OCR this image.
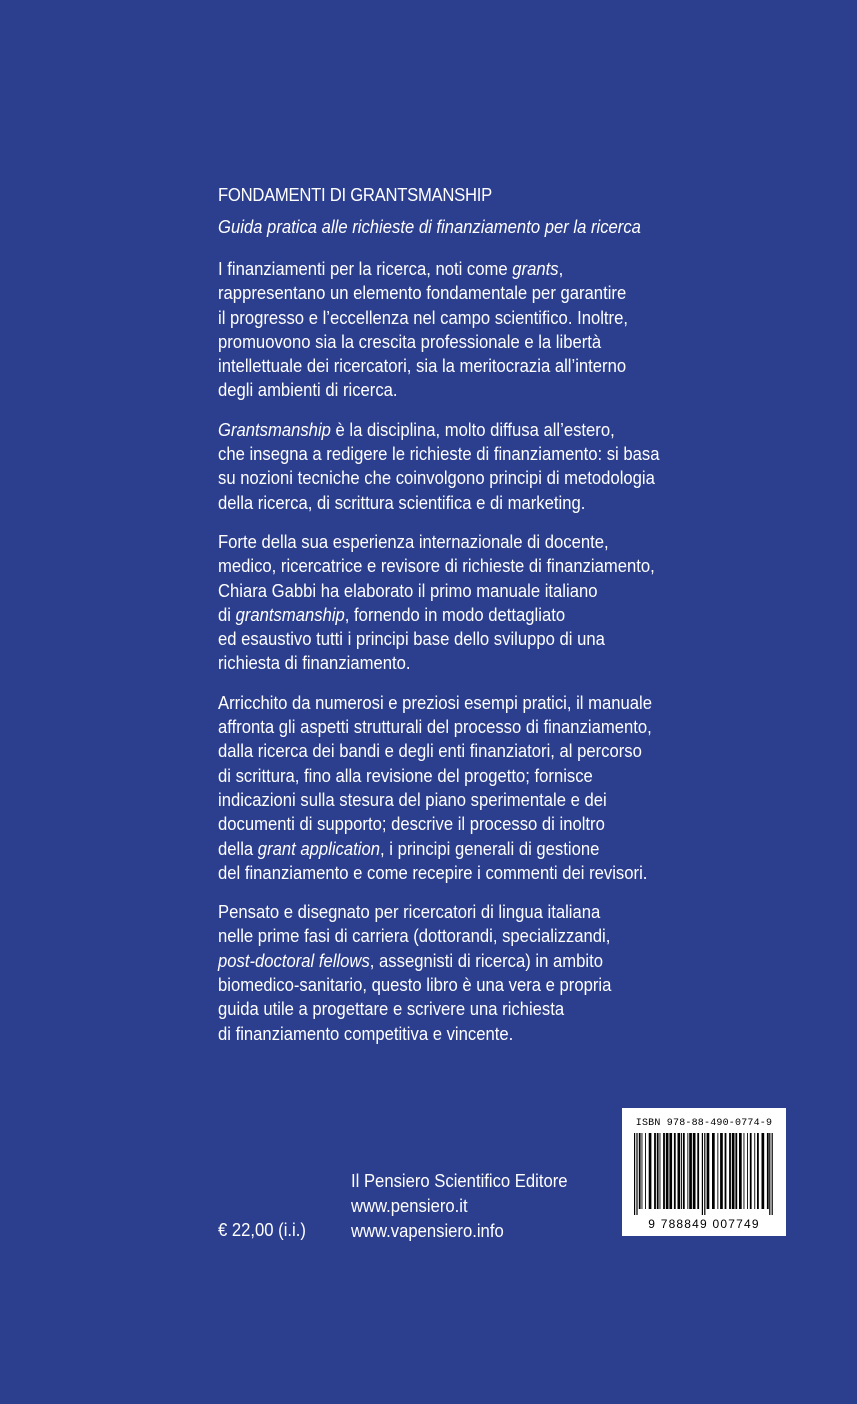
FONDAMENTI DI GRANTSMANSHIP
Guida pratica alle richieste di finanziamento per la ricerca
I finanziamenti per la ricerca, noti come grants,
rappresentano un elemento fondamentale per garantire
il progresso e l’eccellenza nel campo scientifico. Inoltre,
promuovono sia la crescita professionale e la libertà
intellettuale dei ricercatori, sia la meritocrazia all’interno
degli ambienti di ricerca.
Grantsmanship è la disciplina, molto diffusa all’estero,
che insegna a redigere le richieste di finanziamento: si basa
su nozioni tecniche che coinvolgono principi di metodologia
della ricerca, di scrittura scientifica e di marketing.
Forte della sua esperienza internazionale di docente,
medico, ricercatrice e revisore di richieste di finanziamento,
Chiara Gabbi ha elaborato il primo manuale italiano
di grantsmanship, fornendo in modo dettagliato
ed esaustivo tutti i principi base dello sviluppo di una
richiesta di finanziamento.
Arricchito da numerosi e preziosi esempi pratici, il manuale
affronta gli aspetti strutturali del processo di finanziamento,
dalla ricerca dei bandi e degli enti finanziatori, al percorso
di scrittura, fino alla revisione del progetto; fornisce
indicazioni sulla stesura del piano sperimentale e dei
documenti di supporto; descrive il processo di inoltro
della grant application, i principi generali di gestione
del finanziamento e come recepire i commenti dei revisori.
Pensato e disegnato per ricercatori di lingua italiana
nelle prime fasi di carriera (dottorandi, specializzandi,
post-doctoral fellows, assegnisti di ricerca) in ambito
biomedico-sanitario, questo libro è una vera e propria
guida utile a progettare e scrivere una richiesta
di finanziamento competitiva e vincente.
ISBN 978-88-490-0774-9
9 788849 007749
€ 22,00 (i.i.)
Il Pensiero Scientifico Editore
www.pensiero.it
www.vapensiero.info
